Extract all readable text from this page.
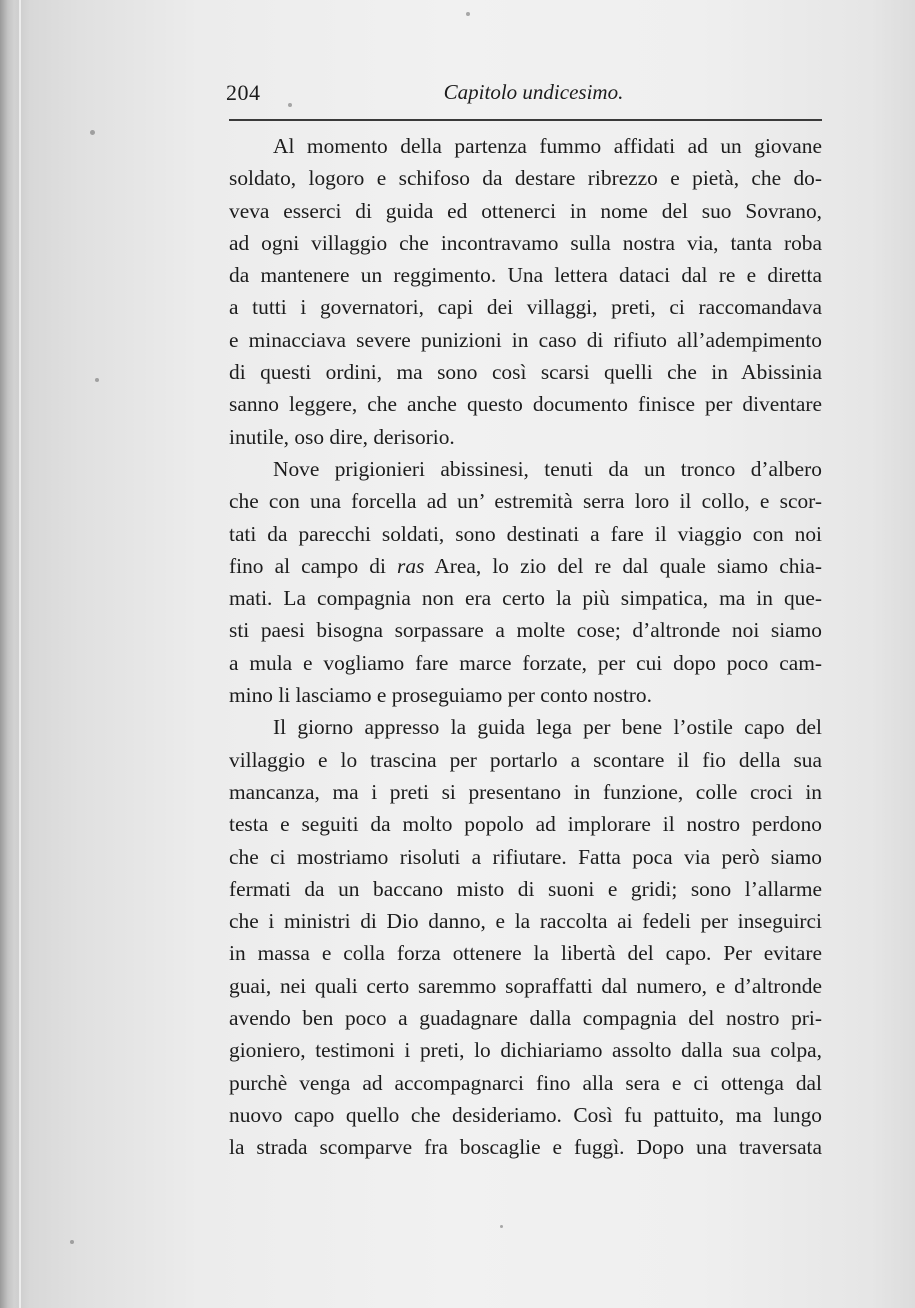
204	Capitolo undicesimo.
Al momento della partenza fummo affidati ad un giovane
soldato, logoro e schifoso da destare ribrezzo e pietà, che do-
veva esserci di guida ed ottenerci in nome del suo Sovrano,
ad ogni villaggio che incontravamo sulla nostra via, tanta roba
da mantenere un reggimento. Una lettera dataci dal re e diretta
a tutti i governatori, capi dei villaggi, preti, ci raccomandava
e minacciava severe punizioni in caso di rifiuto all’adempimento
di questi ordini, ma sono così scarsi quelli che in Abissinia
sanno leggere, che anche questo documento finisce per diventare
inutile, oso dire, derisorio.
Nove prigionieri abissinesi, tenuti da un tronco d’albero
che con una forcella ad un’ estremità serra loro il collo, e scor-
tati da parecchi soldati, sono destinati a fare il viaggio con noi
fino al campo di ras Area, lo zio del re dal quale siamo chia-
mati. La compagnia non era certo la più simpatica, ma in que-
sti paesi bisogna sorpassare a molte cose; d’altronde noi siamo
a mula e vogliamo fare marce forzate, per cui dopo poco cam-
mino li lasciamo e proseguiamo per conto nostro.
Il giorno appresso la guida lega per bene l’ostile capo del
villaggio e lo trascina per portarlo a scontare il fio della sua
mancanza, ma i preti si presentano in funzione, colle croci in
testa e seguiti da molto popolo ad implorare il nostro perdono
che ci mostriamo risoluti a rifiutare. Fatta poca via però siamo
fermati da un baccano misto di suoni e gridi; sono l’allarme
che i ministri di Dio danno, e la raccolta ai fedeli per inseguirci
in massa e colla forza ottenere la libertà del capo. Per evitare
guai, nei quali certo saremmo sopraffatti dal numero, e d’altronde
avendo ben poco a guadagnare dalla compagnia del nostro pri-
gioniero, testimoni i preti, lo dichiariamo assolto dalla sua colpa,
purchè venga ad accompagnarci fino alla sera e ci ottenga dal
nuovo capo quello che desideriamo. Così fu pattuito, ma lungo
la strada scomparve fra boscaglie e fuggì. Dopo una traversata
